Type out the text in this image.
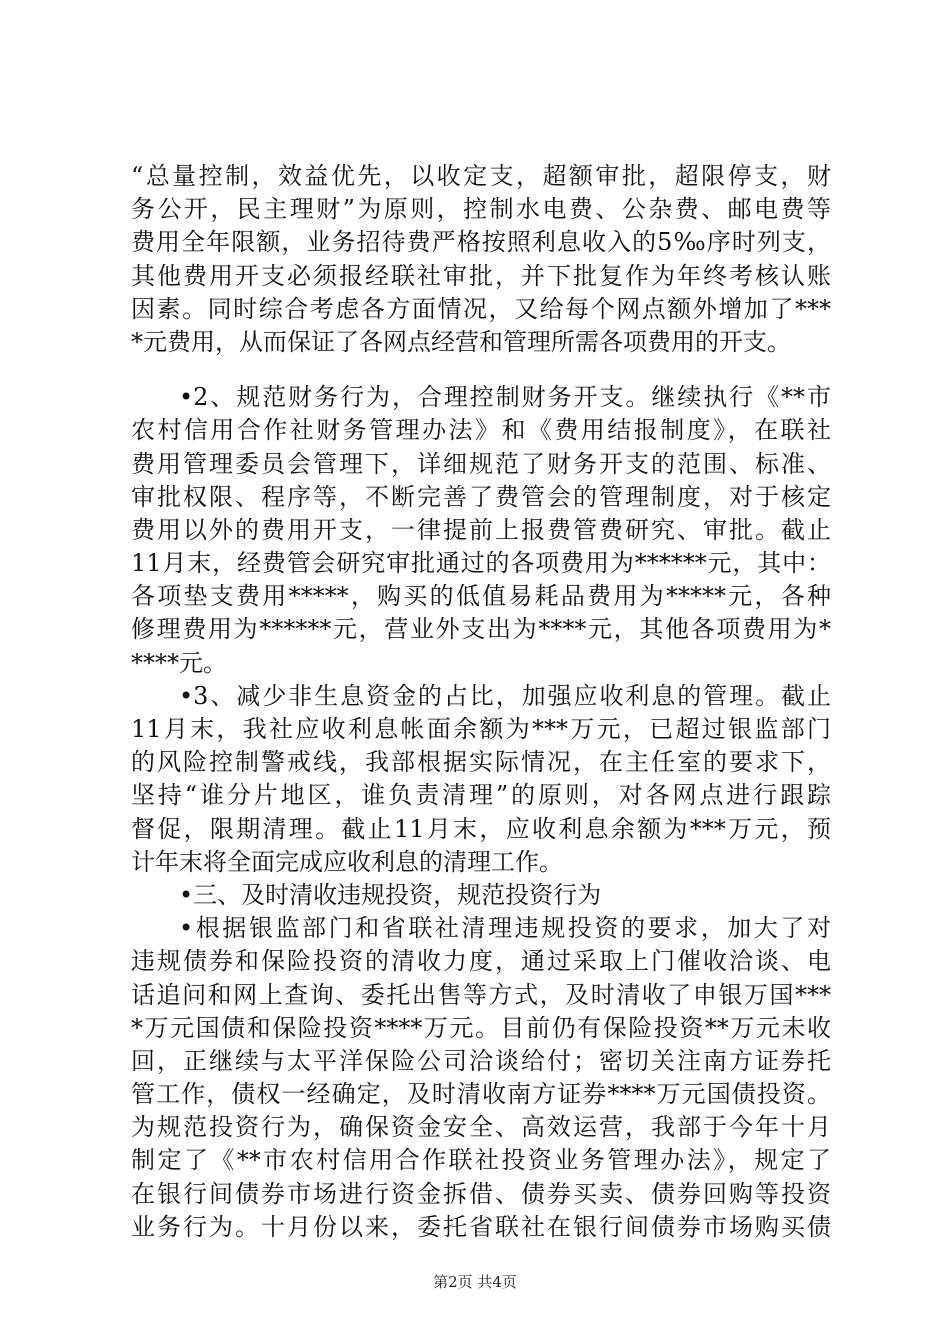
“总量控制，效益优先，以收定支，超额审批，超限停支，财
务公开，民主理财”为原则，控制水电费、公杂费、邮电费等
费用全年限额，业务招待费严格按照利息收入的5‰序时列支，
其他费用开支必须报经联社审批，并下批复作为年终考核认账
因素。同时综合考虑各方面情况，又给每个网点额外增加了***
*元费用，从而保证了各网点经营和管理所需各项费用的开支。
•2、规范财务行为，合理控制财务开支。继续执行《**市
农村信用合作社财务管理办法》和《费用结报制度》，在联社
费用管理委员会管理下，详细规范了财务开支的范围、标准、
审批权限、程序等，不断完善了费管会的管理制度，对于核定
费用以外的费用开支，一律提前上报费管费研究、审批。截止
11月末，经费管会研究审批通过的各项费用为******元，其中：
各项垫支费用*****，购买的低值易耗品费用为*****元，各种
修理费用为******元，营业外支出为****元，其他各项费用为*
****元。
•3、减少非生息资金的占比，加强应收利息的管理。截止
11月末，我社应收利息帐面余额为***万元，已超过银监部门
的风险控制警戒线，我部根据实际情况，在主任室的要求下，
坚持“谁分片地区，谁负责清理”的原则，对各网点进行跟踪
督促，限期清理。截止11月末，应收利息余额为***万元，预
计年末将全面完成应收利息的清理工作。
•三、及时清收违规投资，规范投资行为
•根据银监部门和省联社清理违规投资的要求，加大了对
违规债券和保险投资的清收力度，通过采取上门催收洽谈、电
话追问和网上查询、委托出售等方式，及时清收了申银万国***
*万元国债和保险投资****万元。目前仍有保险投资**万元未收
回，正继续与太平洋保险公司洽谈给付；密切关注南方证券托
管工作，债权一经确定，及时清收南方证券****万元国债投资。
为规范投资行为，确保资金安全、高效运营，我部于今年十月
制定了《**市农村信用合作联社投资业务管理办法》，规定了
在银行间债券市场进行资金拆借、债券买卖、债券回购等投资
业务行为。十月份以来，委托省联社在银行间债券市场购买债
第2页 共4页
